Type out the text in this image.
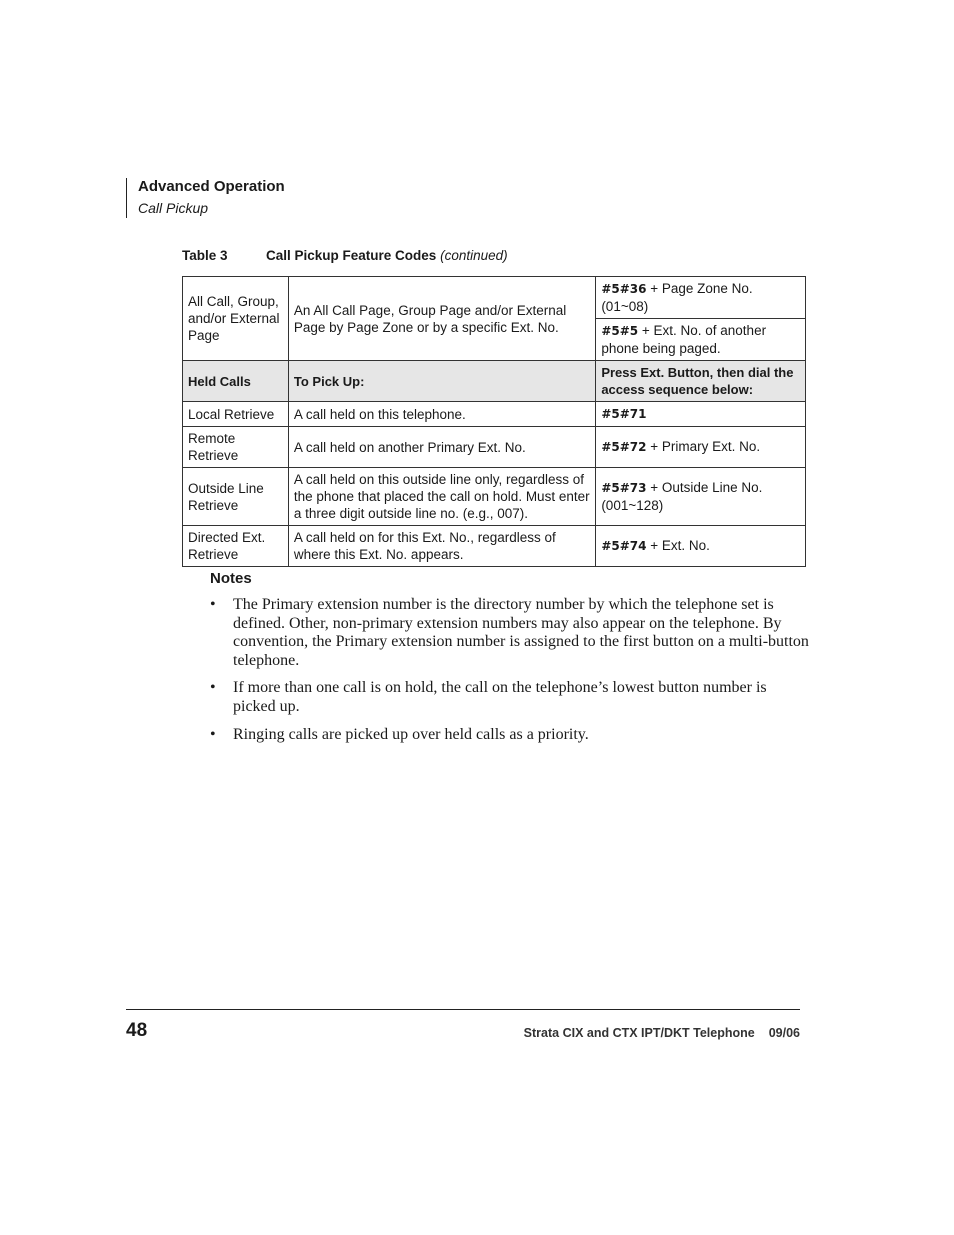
Advanced Operation
Call Pickup
Table 3	Call Pickup Feature Codes (continued)
All Call, Group, and/or External Page	An All Call Page, Group Page and/or External Page by Page Zone or by a specific Ext. No.	#5#36 + Page Zone No. (01~08)
		#5#5 + Ext. No. of another phone being paged.
Held Calls	To Pick Up:	Press Ext. Button, then dial the access sequence below:
Local Retrieve	A call held on this telephone.	#5#71
Remote Retrieve	A call held on another Primary Ext. No.	#5#72 + Primary Ext. No.
Outside Line Retrieve	A call held on this outside line only, regardless of the phone that placed the call on hold. Must enter a three digit outside line no. (e.g., 007).	#5#73 + Outside Line No. (001~128)
Directed Ext. Retrieve	A call held on for this Ext. No., regardless of where this Ext. No. appears.	#5#74 + Ext. No.
Notes
• The Primary extension number is the directory number by which the telephone set is defined. Other, non-primary extension numbers may also appear on the telephone. By convention, the Primary extension number is assigned to the first button on a multi-button telephone.
• If more than one call is on hold, the call on the telephone’s lowest button number is picked up.
• Ringing calls are picked up over held calls as a priority.
48	Strata CIX and CTX IPT/DKT Telephone 09/06
